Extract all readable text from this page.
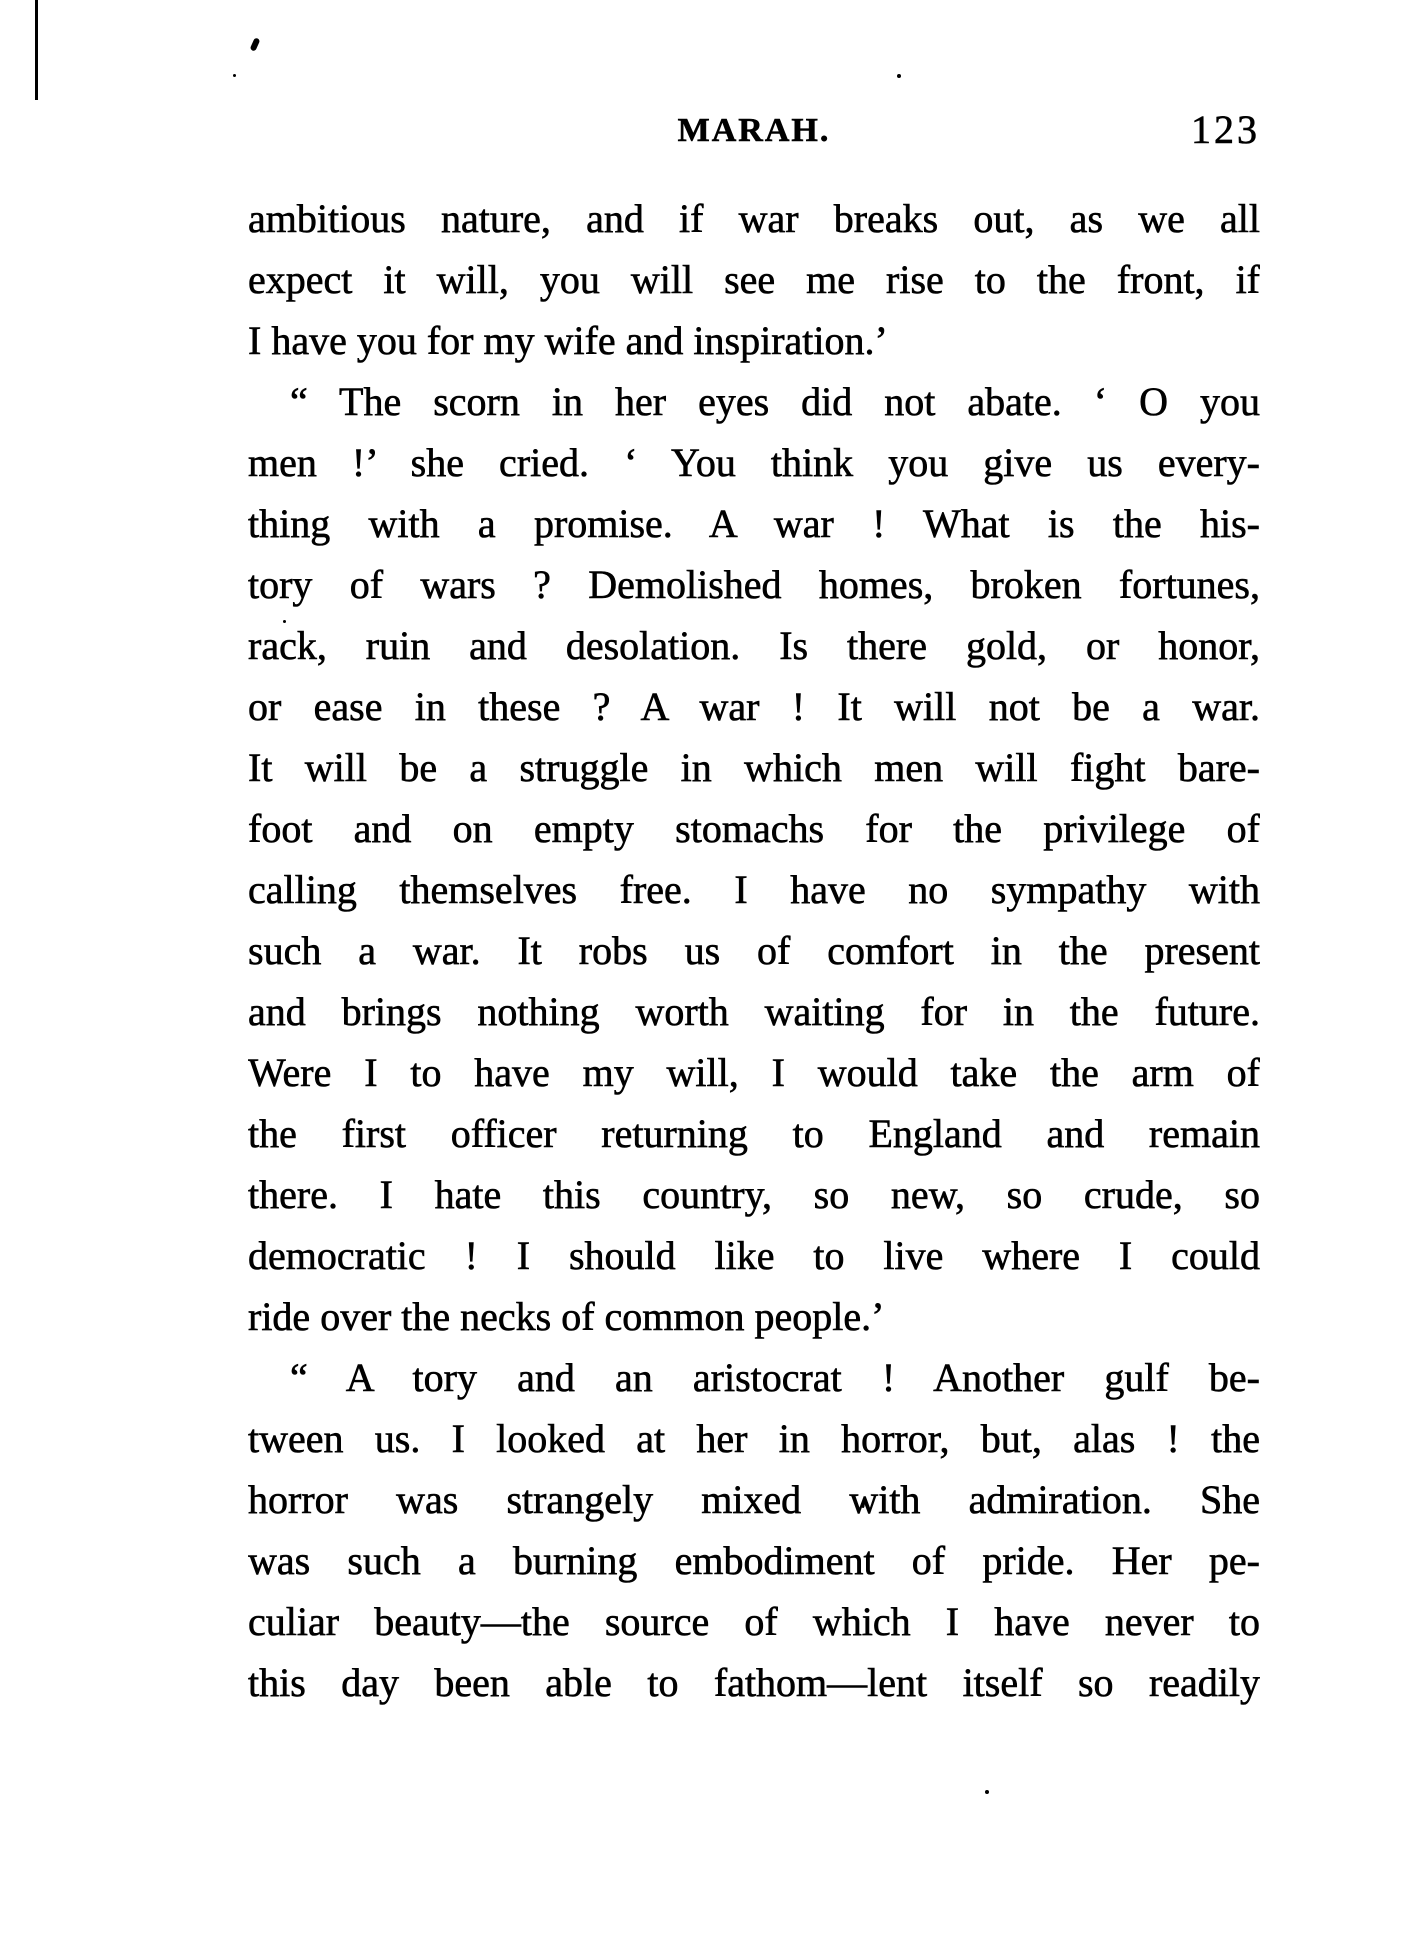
MARAH.	123
ambitious nature, and if war breaks out, as we all
expect it will, you will see me rise to the front, if
I have you for my wife and inspiration.’
“ The scorn in her eyes did not abate. ‘ O you
men !’ she cried. ‘ You think you give us every-
thing with a promise. A war ! What is the his-
tory of wars ? Demolished homes, broken fortunes,
rack, ruin and desolation. Is there gold, or honor,
or ease in these ? A war ! It will not be a war.
It will be a struggle in which men will fight bare-
foot and on empty stomachs for the privilege of
calling themselves free. I have no sympathy with
such a war. It robs us of comfort in the present
and brings nothing worth waiting for in the future.
Were I to have my will, I would take the arm of
the first officer returning to England and remain
there. I hate this country, so new, so crude, so
democratic ! I should like to live where I could
ride over the necks of common people.’
“ A tory and an aristocrat ! Another gulf be-
tween us. I looked at her in horror, but, alas ! the
horror was strangely mixed with admiration. She
was such a burning embodiment of pride. Her pe-
culiar beauty—the source of which I have never to
this day been able to fathom—lent itself so readily
